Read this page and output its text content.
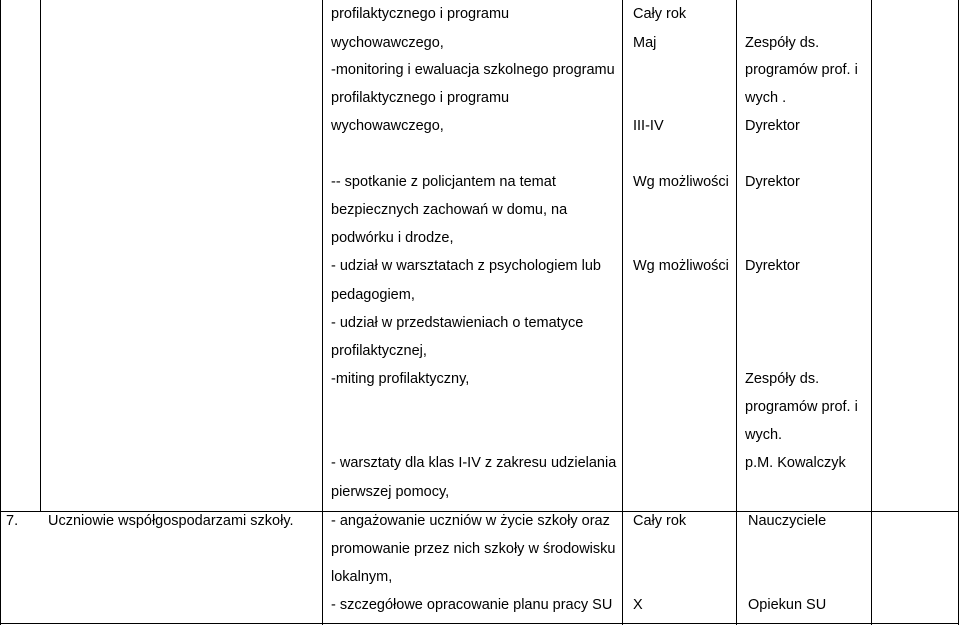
profilaktycznego i programu
wychowawczego,
-monitoring i ewaluacja szkolnego programu
profilaktycznego i programu
wychowawczego,
Cały rok
Maj
III-IV
Zespóły ds.
programów prof. i
wych .
Dyrektor
-- spotkanie z policjantem na temat
bezpiecznych zachowań w domu, na
podwórku i drodze,
- udział w warsztatach z psychologiem lub
pedagogiem,
- udział w przedstawieniach o tematyce
profilaktycznej,
-miting profilaktyczny,
- warsztaty dla klas I-IV z zakresu udzielania
pierwszej pomocy,
Wg możliwości
Wg możliwości
Dyrektor
Dyrektor
Zespóły ds.
programów prof. i
wych.
p.M. Kowalczyk
7. Uczniowie współgospodarzami szkoły.	- angażowanie uczniów w życie szkoły oraz
promowanie przez nich szkoły w środowisku
lokalnym,
- szczegółowe opracowanie planu pracy SU
Cały rok
X
Nauczyciele
Opiekun SU
